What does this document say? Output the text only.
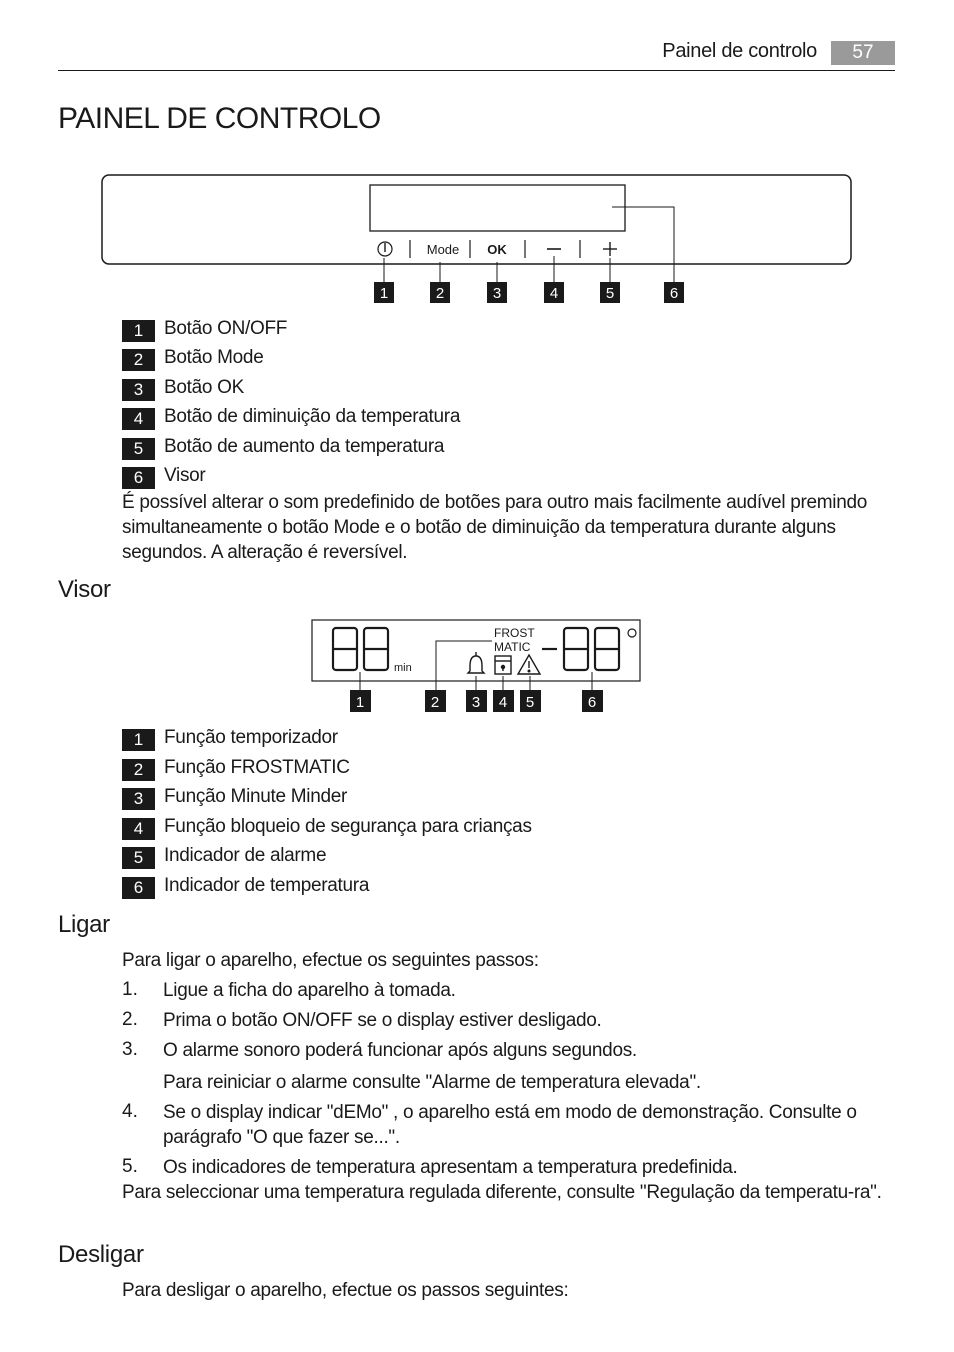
Painel de controlo	57
PAINEL DE CONTROLO
Mode OK
1	2	3	4	5	6
1	Botão ON/OFF
2	Botão Mode
3	Botão OK
4	Botão de diminuição da temperatura
5	Botão de aumento da temperatura
6	Visor
É possível alterar o som predefinido de botões para outro mais facilmente audível premindo simultaneamente o botão Mode e o botão de diminuição da temperatura durante alguns segundos. A alteração é reversível.
Visor
min
FROST
MATIC
1	2 3 4 5	6
1	Função temporizador
2	Função FROSTMATIC
3	Função Minute Minder
4	Função bloqueio de segurança para crianças
5	Indicador de alarme
6	Indicador de temperatura
Ligar
Para ligar o aparelho, efectue os seguintes passos:
1. Ligue a ficha do aparelho à tomada.
2. Prima o botão ON/OFF se o display estiver desligado.
3. O alarme sonoro poderá funcionar após alguns segundos.
Para reiniciar o alarme consulte "Alarme de temperatura elevada".
4. Se o display indicar "dEMo" , o aparelho está em modo de demonstração. Consulte o parágrafo "O que fazer se...".
5. Os indicadores de temperatura apresentam a temperatura predefinida.
Para seleccionar uma temperatura regulada diferente, consulte "Regulação da temperatu-ra".
Desligar
Para desligar o aparelho, efectue os passos seguintes:
